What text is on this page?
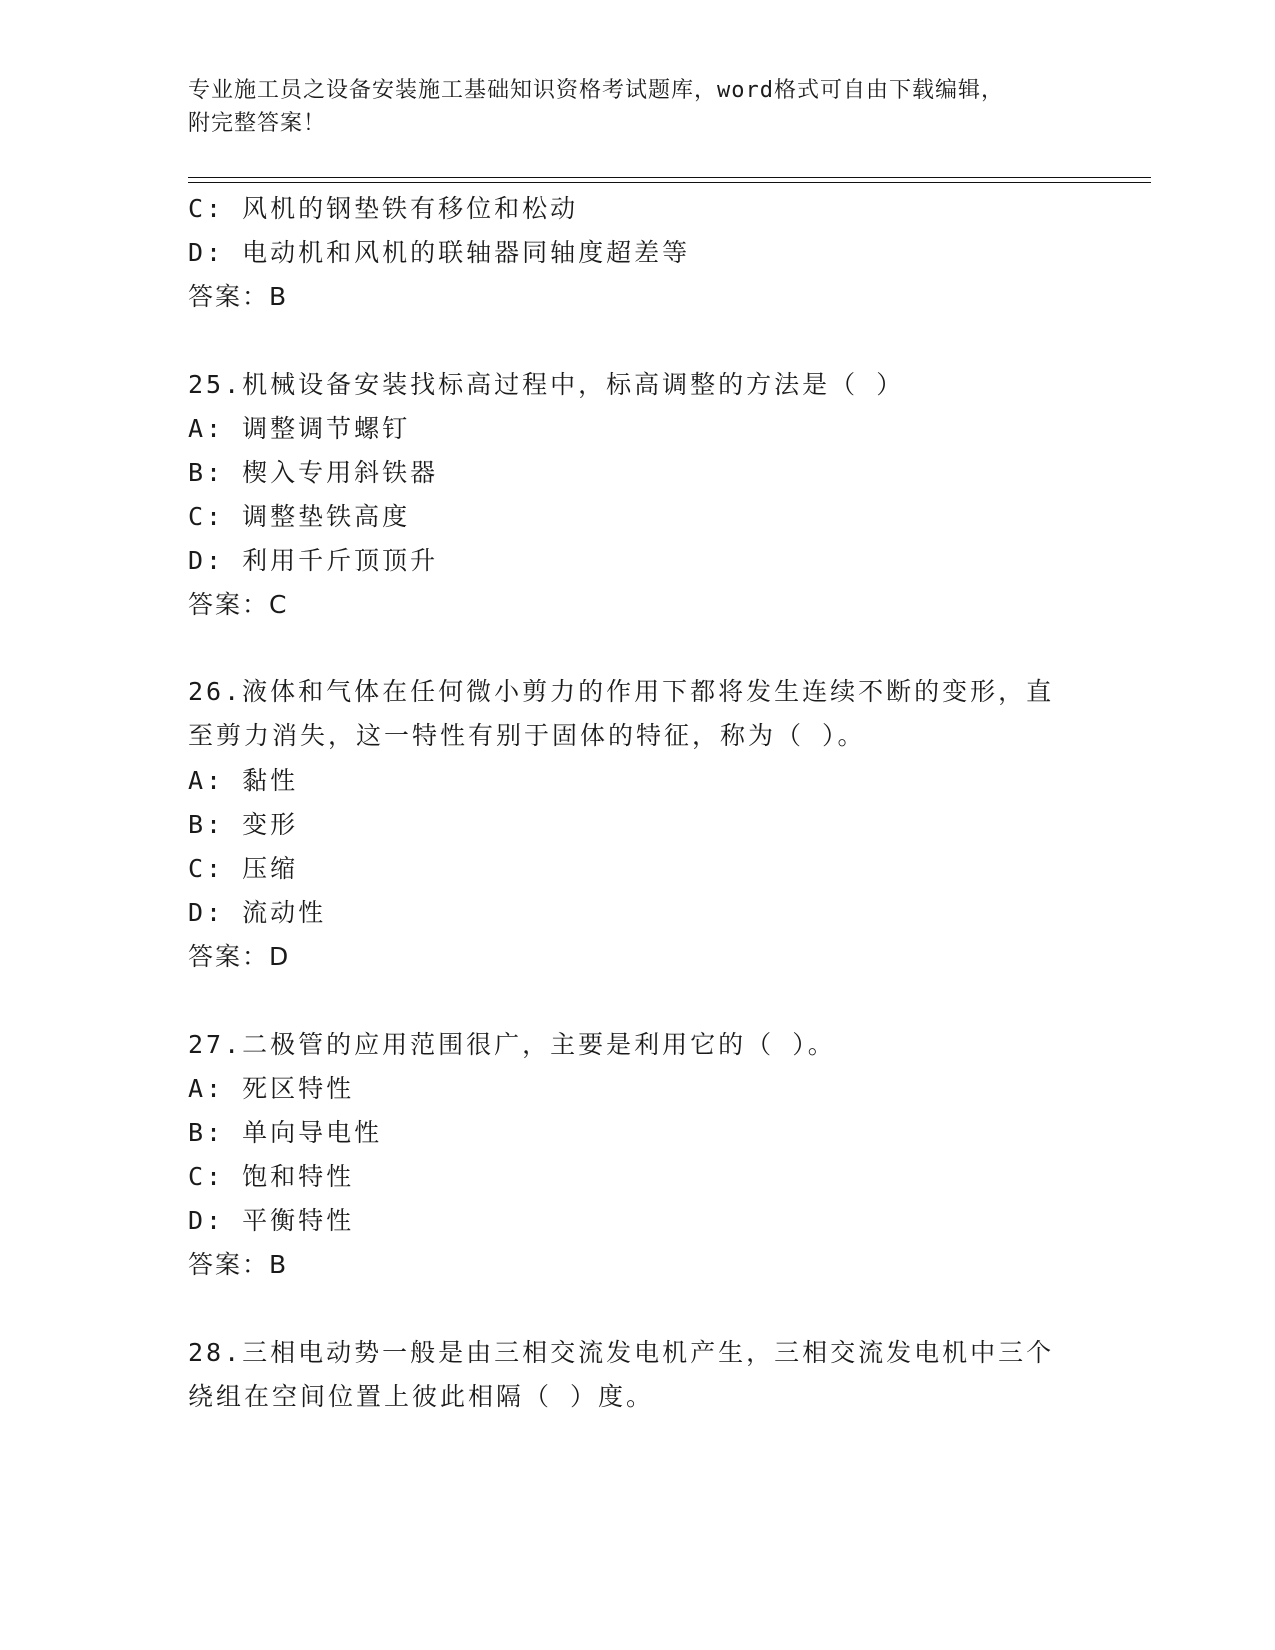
专业施工员之设备安装施工基础知识资格考试题库，word格式可自由下载编辑，
附完整答案！
C: 风机的钢垫铁有移位和松动
D: 电动机和风机的联轴器同轴度超差等
答案：B
25.机械设备安装找标高过程中，标高调整的方法是（ ）
A: 调整调节螺钉
B: 楔入专用斜铁器
C: 调整垫铁高度
D: 利用千斤顶顶升
答案：C
26.液体和气体在任何微小剪力的作用下都将发生连续不断的变形，直
至剪力消失，这一特性有别于固体的特征，称为（ ）。
A: 黏性
B: 变形
C: 压缩
D: 流动性
答案：D
27.二极管的应用范围很广，主要是利用它的（ ）。
A: 死区特性
B: 单向导电性
C: 饱和特性
D: 平衡特性
答案：B
28.三相电动势一般是由三相交流发电机产生，三相交流发电机中三个
绕组在空间位置上彼此相隔（ ）度。
